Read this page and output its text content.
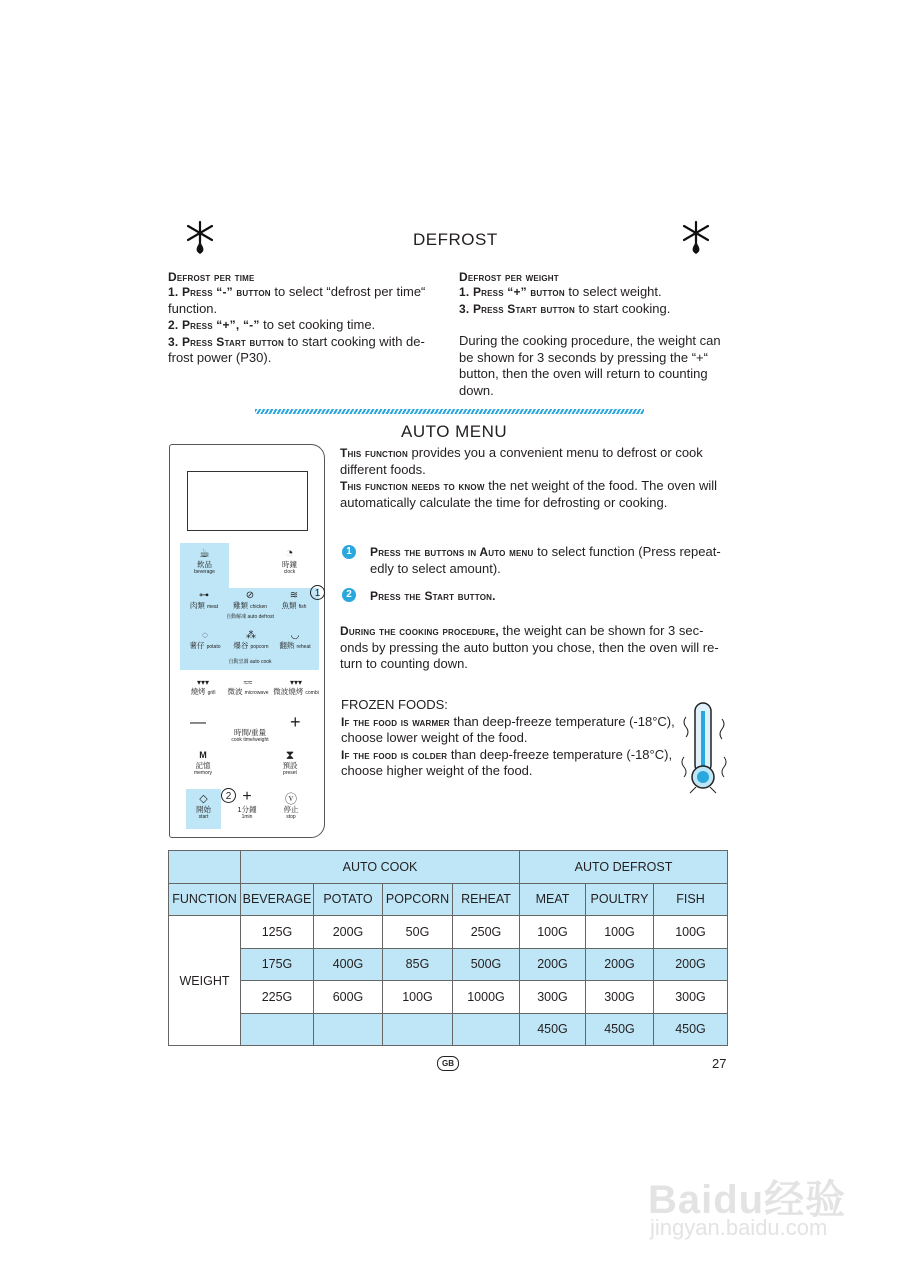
DEFROST
Defrost per time
1. Press “-” button to select “defrost per time“
function.
2. Press “+”, “-” to set cooking time.
3. Press Start button to start cooking with de-
frost power (P30).
Defrost per weight
1. Press “+” button to select weight.
3. Press Start button to start cooking.
During the cooking procedure, the weight can
be shown for 3 seconds by pressing the “+“
button, then the oven will return to counting
down.
AUTO MENU
This function provides you a convenient menu to defrost or cook
different foods.
This function needs to know the net weight of the food. The oven will
automatically calculate the time for defrosting or cooking.
1	Press the buttons in Auto menu to select function (Press repeat-
edly to select amount).
2	Press the Start button.
During the cooking procedure, the weight can be shown for 3 sec-
onds by pressing the auto button you chose, then the oven will re-
turn to counting down.
FROZEN FOODS:
If the food is warmer than deep-freeze temperature (-18°C),
choose lower weight of the food.
If the food is colder than deep-freeze temperature (-18°C),
choose higher weight of the food.
☕
飲品
beverage
◔
時鐘
clock
⊶
肉類 meat
⊘
雞類 chicken
≋
魚類 fish
自動解凍 auto defrost
1
◌
薯仔 potato
⁂
爆谷 popcorn
◡
翻熱 reheat
自動烹調 auto cook
▾▾▾
燒烤 grill
≈≈
微波 microwave
▾▾▾
微波燒烤 combi
—	+
時間/重量
cook time/weight
M
記憶
memory
⧗
預設
preset
◇
開始
start
2 +
1分鐘
1min
ⓥ
停止
stop
	AUTO COOK				AUTO DEFROST		
FUNCTION	BEVERAGE	POTATO	POPCORN	REHEAT	MEAT	POULTRY	FISH
WEIGHT	125G	200G	50G	250G	100G	100G	100G
	175G	400G	85G	500G	200G	200G	200G
	225G	600G	100G	1000G	300G	300G	300G
					450G	450G	450G
GB	27
Baidu经验
jingyan.baidu.com
